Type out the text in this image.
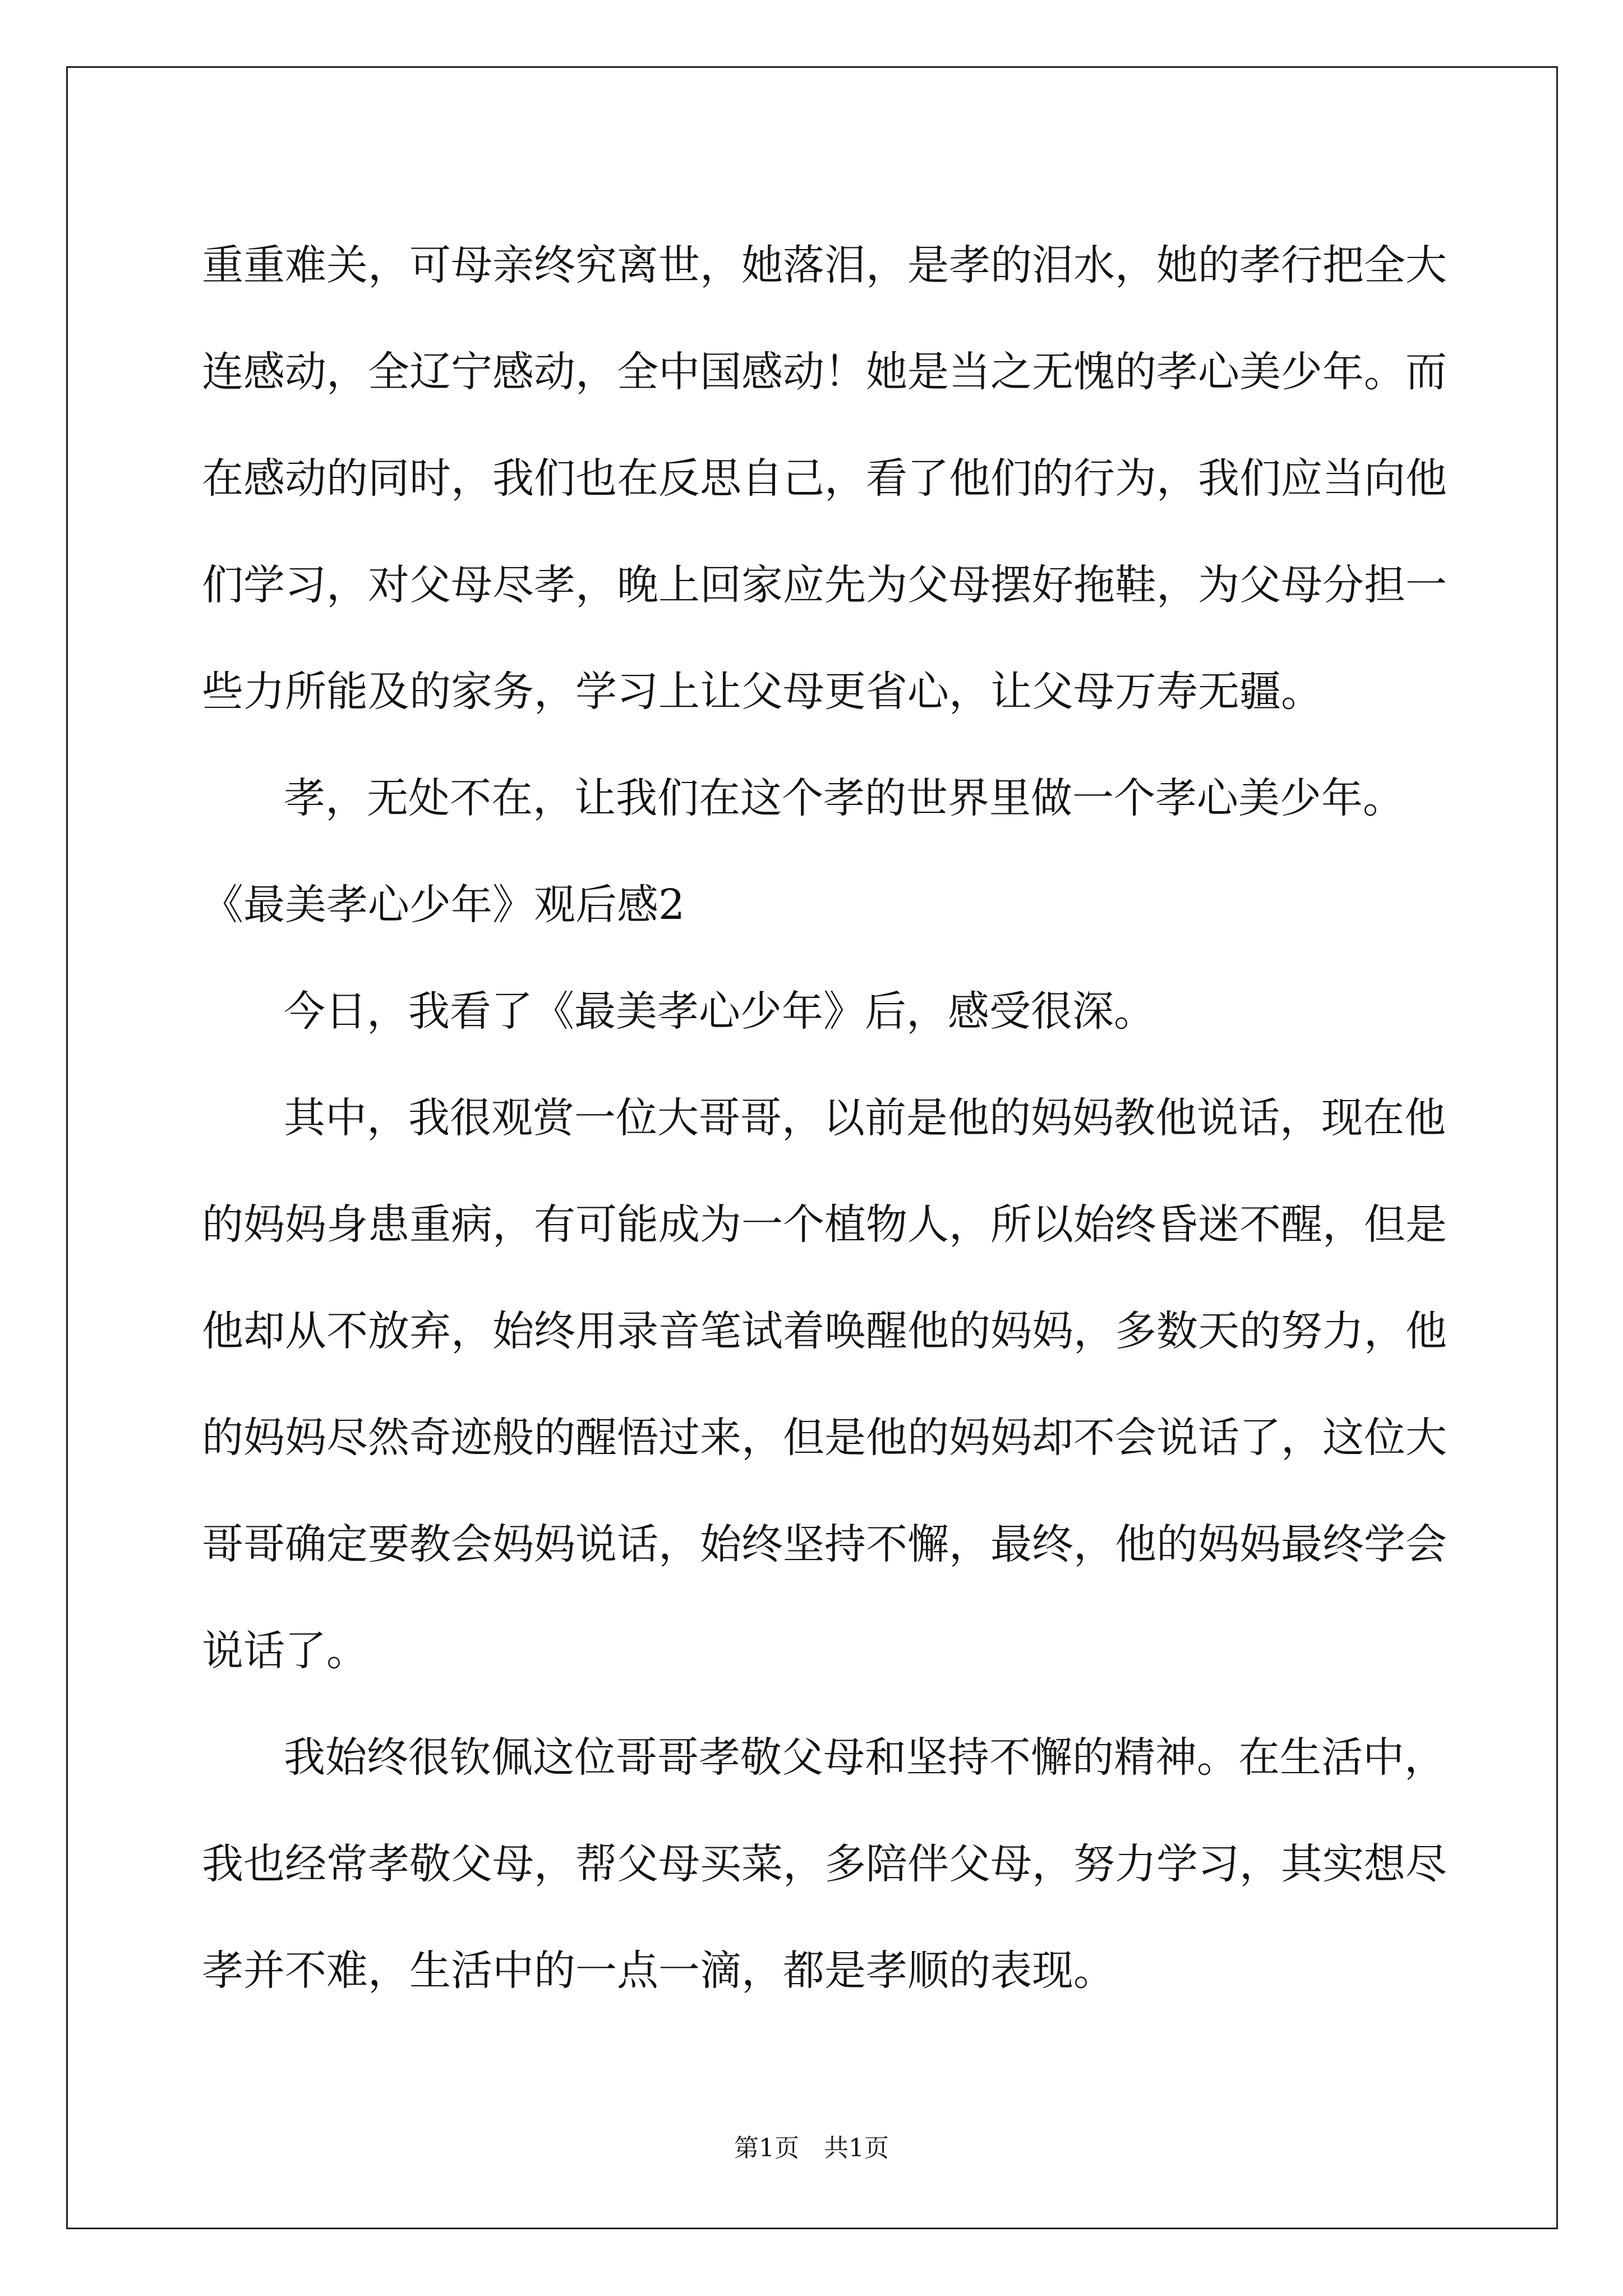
重重难关，可母亲终究离世，她落泪，是孝的泪水，她的孝行把全大
连感动，全辽宁感动，全中国感动！她是当之无愧的孝心美少年。而
在感动的同时，我们也在反思自己，看了他们的行为，我们应当向他
们学习，对父母尽孝，晚上回家应先为父母摆好拖鞋，为父母分担一
些力所能及的家务，学习上让父母更省心，让父母万寿无疆。
孝，无处不在，让我们在这个孝的世界里做一个孝心美少年。
《最美孝心少年》观后感2
今日，我看了《最美孝心少年》后，感受很深。
其中，我很观赏一位大哥哥，以前是他的妈妈教他说话，现在他
的妈妈身患重病，有可能成为一个植物人，所以始终昏迷不醒，但是
他却从不放弃，始终用录音笔试着唤醒他的妈妈，多数天的努力，他
的妈妈尽然奇迹般的醒悟过来，但是他的妈妈却不会说话了，这位大
哥哥确定要教会妈妈说话，始终坚持不懈，最终，他的妈妈最终学会
说话了。
我始终很钦佩这位哥哥孝敬父母和坚持不懈的精神。在生活中，
我也经常孝敬父母，帮父母买菜，多陪伴父母，努力学习，其实想尽
孝并不难，生活中的一点一滴，都是孝顺的表现。
第1页　共1页
